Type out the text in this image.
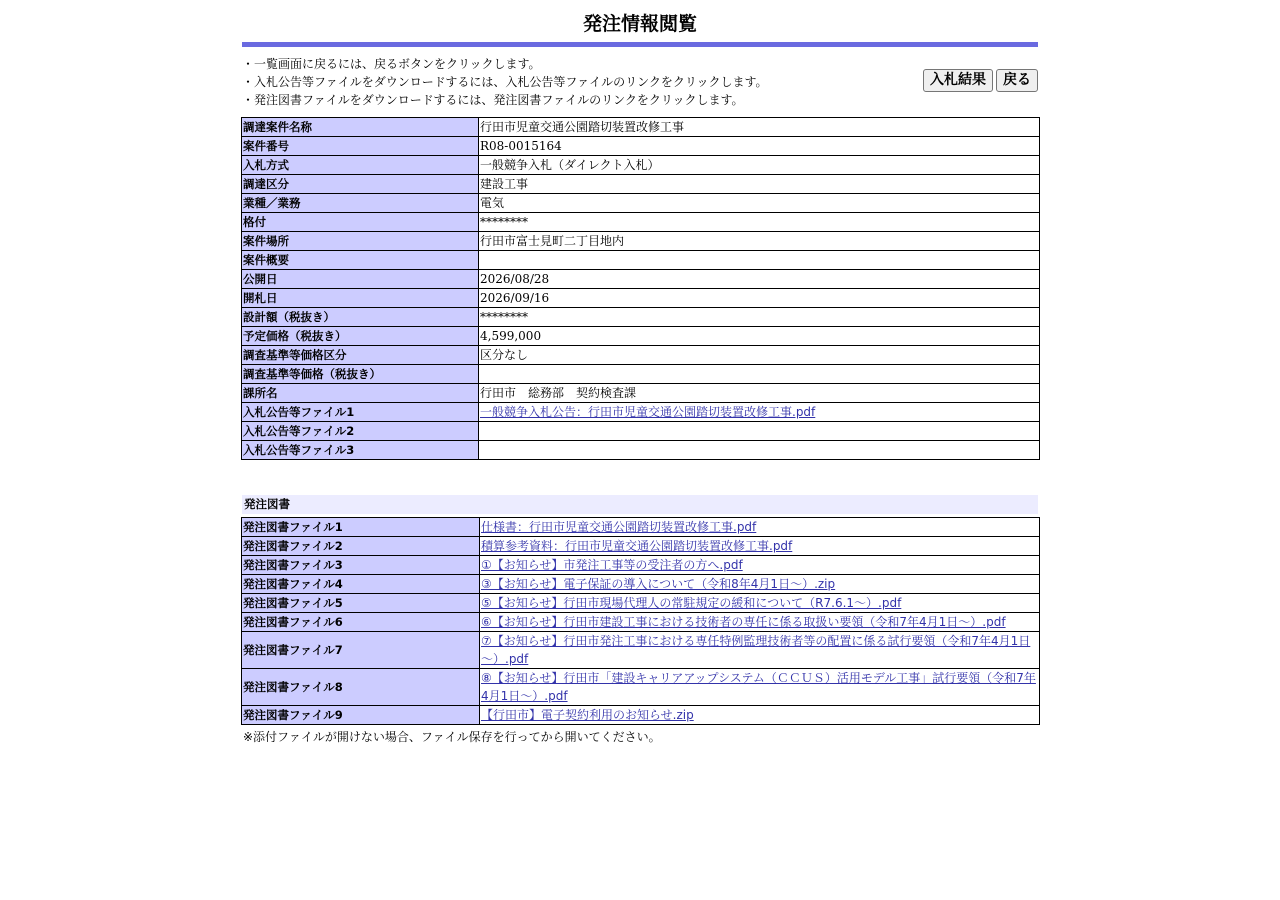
発注情報閲覧
・一覧画面に戻るには、戻るボタンをクリックします。
・入札公告等ファイルをダウンロードするには、入札公告等ファイルのリンクをクリックします。
・発注図書ファイルをダウンロードするには、発注図書ファイルのリンクをクリックします。
入札結果	戻る
調達案件名称	行田市児童交通公園踏切装置改修工事
案件番号	R08-0015164
入札方式	一般競争入札（ダイレクト入札）
調達区分	建設工事
業種／業務	電気
格付	********
案件場所	行田市富士見町二丁目地内
案件概要	
公開日	2026/08/28
開札日	2026/09/16
設計額（税抜き）	********
予定価格（税抜き）	4,599,000
調査基準等価格区分	区分なし
調査基準等価格（税抜き）	
課所名	行田市　総務部　契約検査課
入札公告等ファイル1	一般競争入札公告：行田市児童交通公園踏切装置改修工事.pdf
入札公告等ファイル2	
入札公告等ファイル3	
発注図書
発注図書ファイル1	仕様書：行田市児童交通公園踏切装置改修工事.pdf
発注図書ファイル2	積算参考資料：行田市児童交通公園踏切装置改修工事.pdf
発注図書ファイル3	①【お知らせ】市発注工事等の受注者の方へ.pdf
発注図書ファイル4	③【お知らせ】電子保証の導入について（令和8年4月1日～）.zip
発注図書ファイル5	⑤【お知らせ】行田市現場代理人の常駐規定の緩和について（R7.6.1～）.pdf
発注図書ファイル6	⑥【お知らせ】行田市建設工事における技術者の専任に係る取扱い要領（令和7年4月1日～）.pdf
発注図書ファイル7	⑦【お知らせ】行田市発注工事における専任特例監理技術者等の配置に係る試行要領（令和7年4月1日～）.pdf
発注図書ファイル8	⑧【お知らせ】行田市「建設キャリアアップシステム（ＣＣＵＳ）活用モデル工事」試行要領（令和7年4月1日～）.pdf
発注図書ファイル9	【行田市】電子契約利用のお知らせ.zip
※添付ファイルが開けない場合、ファイル保存を行ってから開いてください。
